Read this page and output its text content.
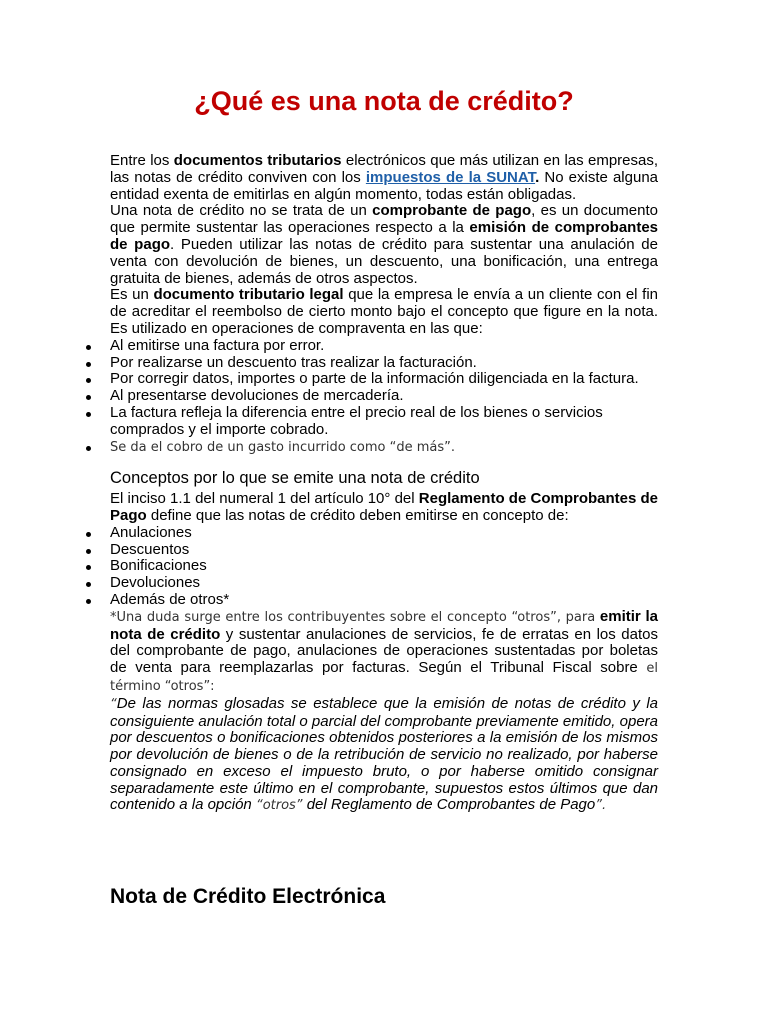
¿Qué es una nota de crédito?

Entre los documentos tributarios electrónicos que más utilizan en las empresas, las notas de crédito conviven con los impuestos de la SUNAT. No existe alguna entidad exenta de emitirlas en algún momento, todas están obligadas.

Una nota de crédito no se trata de un comprobante de pago, es un documento que permite sustentar las operaciones respecto a la emisión de comprobantes de pago. Pueden utilizar las notas de crédito para sustentar una anulación de venta con devolución de bienes, un descuento, una bonificación, una entrega gratuita de bienes, además de otros aspectos.

Es un documento tributario legal que la empresa le envía a un cliente con el fin de acreditar el reembolso de cierto monto bajo el concepto que figure en la nota. Es utilizado en operaciones de compraventa en las que:

Al emitirse una factura por error.
Por realizarse un descuento tras realizar la facturación.
Por corregir datos, importes o parte de la información diligenciada en la factura.
Al presentarse devoluciones de mercadería.
La factura refleja la diferencia entre el precio real de los bienes o servicios comprados y el importe cobrado.
Se da el cobro de un gasto incurrido como “de más”.

Conceptos por lo que se emite una nota de crédito

El inciso 1.1 del numeral 1 del artículo 10° del Reglamento de Comprobantes de Pago define que las notas de crédito deben emitirse en concepto de:

Anulaciones
Descuentos
Bonificaciones
Devoluciones
Además de otros*

*Una duda surge entre los contribuyentes sobre el concepto “otros”, para emitir la nota de crédito y sustentar anulaciones de servicios, fe de erratas en los datos del comprobante de pago, anulaciones de operaciones sustentadas por boletas de venta para reemplazarlas por facturas. Según el Tribunal Fiscal sobre el término “otros”:

“De las normas glosadas se establece que la emisión de notas de crédito y la consiguiente anulación total o parcial del comprobante previamente emitido, opera por descuentos o bonificaciones obtenidos posteriores a la emisión de los mismos por devolución de bienes o de la retribución de servicio no realizado, por haberse consignado en exceso el impuesto bruto, o por haberse omitido consignar separadamente este último en el comprobante, supuestos estos últimos que dan contenido a la opción “otros” del Reglamento de Comprobantes de Pago”.

Nota de Crédito Electrónica
